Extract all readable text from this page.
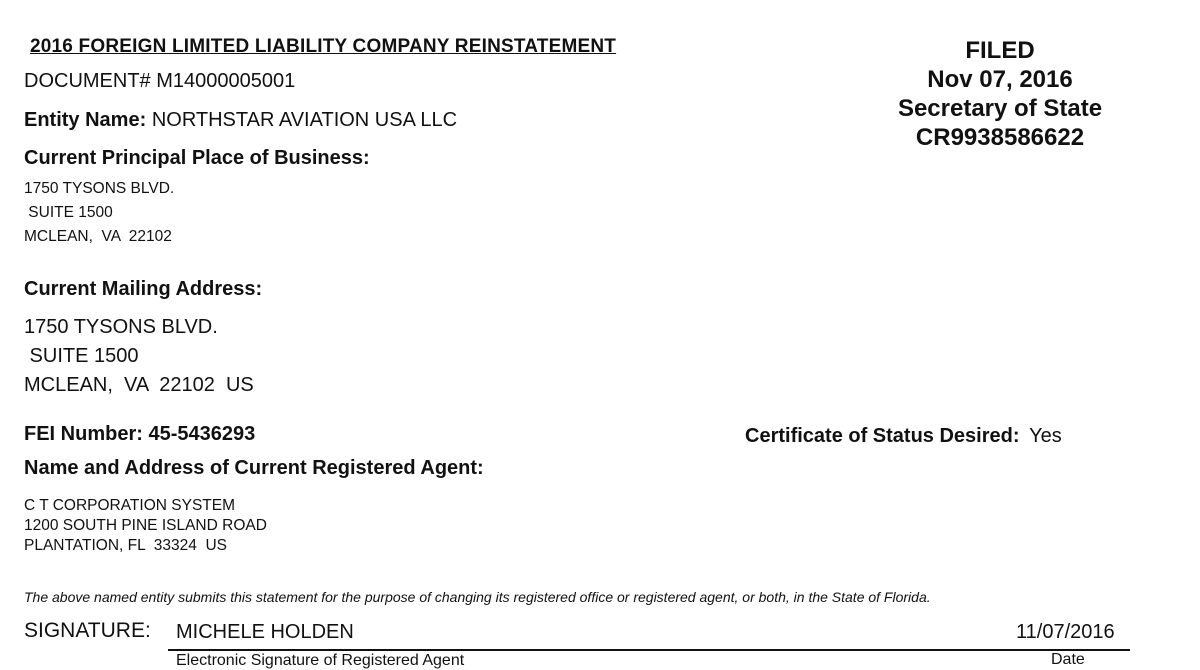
2016 FOREIGN LIMITED LIABILITY COMPANY REINSTATEMENT
DOCUMENT# M14000005001
FILED
Nov 07, 2016
Secretary of State
CR9938586622
Entity Name: NORTHSTAR AVIATION USA LLC
Current Principal Place of Business:
1750 TYSONS BLVD.
SUITE 1500
MCLEAN,  VA  22102
Current Mailing Address:
1750 TYSONS BLVD.
SUITE 1500
MCLEAN,  VA  22102  US
FEI Number: 45-5436293	Certificate of Status Desired: Yes
Name and Address of Current Registered Agent:
C T CORPORATION SYSTEM
1200 SOUTH PINE ISLAND ROAD
PLANTATION, FL  33324  US
The above named entity submits this statement for the purpose of changing its registered office or registered agent, or both, in the State of Florida.
SIGNATURE: MICHELE HOLDEN	11/07/2016
Electronic Signature of Registered Agent	Date
